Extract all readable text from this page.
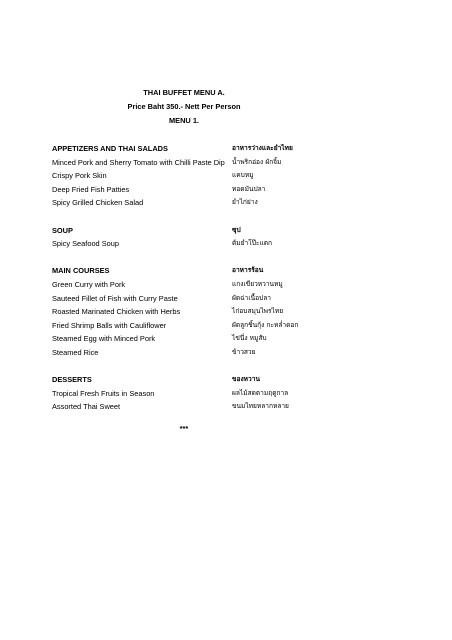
THAI BUFFET MENU A.
Price Baht 350.- Nett Per Person
MENU 1.
APPETIZERS AND THAI SALADS	อาหารว่างและยำไทย
Minced Pork and Sherry Tomato with Chilli Paste Dip น้ำพริกอ่อง ผักจิ้ม
Crispy Pork Skin	แคบหมู
Deep Fried Fish Patties	ทอดมันปลา
Spicy Grilled Chicken Salad	ยำไก่ย่าง
SOUP	ซุป
Spicy Seafood Soup	ต้มยำโป๊ะแตก
MAIN COURSES	อาหารร้อน
Green Curry with Pork	แกงเขียวหวานหมู
Sauteed Fillet of Fish with Curry Paste	ผัดฉ่าเนื้อปลา
Roasted Marinated Chicken with Herbs	ไก่อบสมุนไพรไทย
Fried Shrimp Balls with Cauliflower	ผัดลูกชิ้นกุ้ง กะหล่ำดอก
Steamed Egg with Minced Pork	ไข่นึ่ง หมูสับ
Steamed Rice	ข้าวสวย
DESSERTS	ของหวาน
Tropical Fresh Fruits in Season	ผลไม้สดตามฤดูกาล
Assorted Thai Sweet	ขนมไทยหลากหลาย
***
